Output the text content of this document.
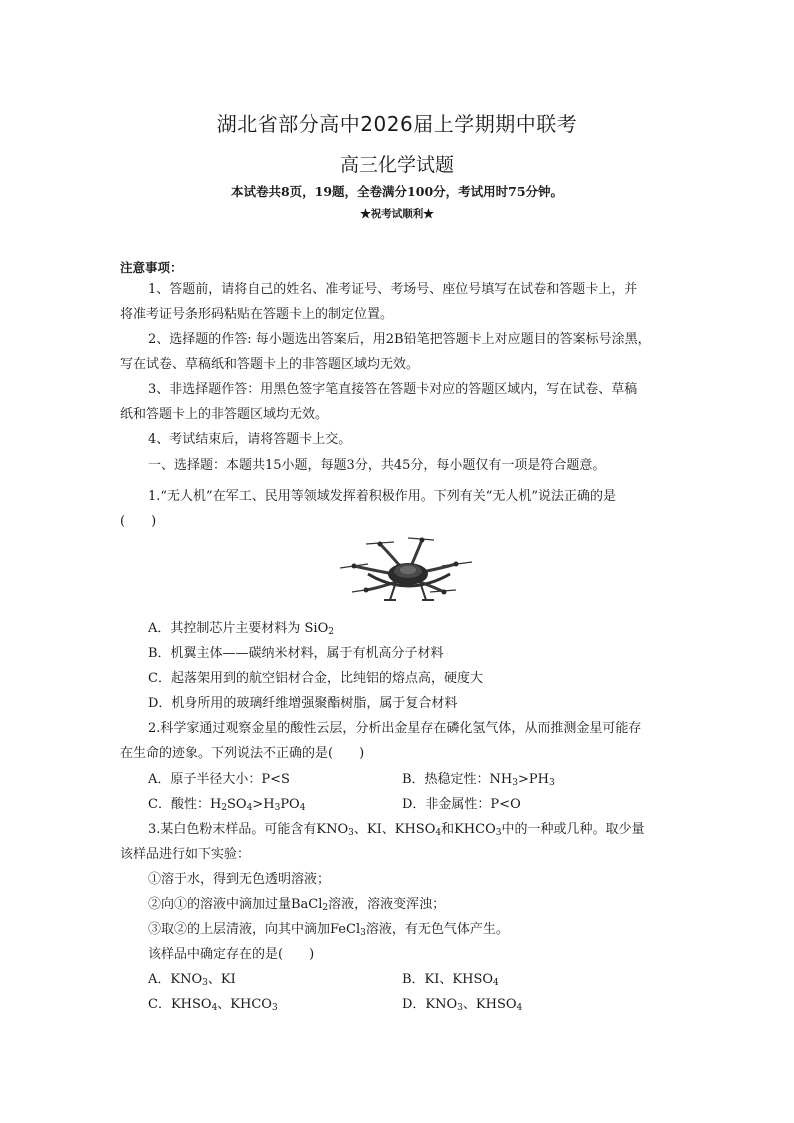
湖北省部分高中2026届上学期期中联考
高三化学试题
本试卷共8页，19题，全卷满分100分，考试用时75分钟。
★祝考试顺利★
注意事项：
1、答题前，请将自己的姓名、准考证号、考场号、座位号填写在试卷和答题卡上，并
将准考证号条形码粘贴在答题卡上的制定位置。
2、选择题的作答: 每小题选出答案后，用2B铅笔把答题卡上对应题目的答案标号涂黑，
写在试卷、草稿纸和答题卡上的非答题区域均无效。
3、非选择题作答：用黑色签字笔直接答在答题卡对应的答题区域内，写在试卷、草稿
纸和答题卡上的非答题区域均无效。
4、考试结束后，请将答题卡上交。
一、选择题：本题共15小题，每题3分，共45分，每小题仅有一项是符合题意。
1.“无人机”在军工、民用等领域发挥着积极作用。下列有关“无人机”说法正确的是
(　　)
A．其控制芯片主要材料为 SiO$_2$
B．机翼主体——碳纳米材料，属于有机高分子材料
C．起落架用到的航空铝材合金，比纯铝的熔点高，硬度大
D．机身所用的玻璃纤维增强聚酯树脂，属于复合材料
2.科学家通过观察金星的酸性云层，分析出金星存在磷化氢气体，从而推测金星可能存
在生命的迹象。下列说法不正确的是(　　)
A．原子半径大小：P<S	B．热稳定性：$NH_3>PH_3$
C．酸性：$H_2SO_4>H_3PO_4$	D．非金属性：P<O
3.某白色粉末样品。可能含有$KNO_3$、KI、$KHSO_4$和$KHCO_3$中的一种或几种。取少量
该样品进行如下实验：
①溶于水，得到无色透明溶液；
②向①的溶液中滴加过量BaCl$_2$溶液，溶液变浑浊；
③取②的上层清液，向其中滴加FeCl$_3$溶液，有无色气体产生。
该样品中确定存在的是(　　)
A．$KNO_3$、KI	B．KI、$KHSO_4$
C．$KHSO_4$、$KHCO_3$	D．$KNO_3$、$KHSO_4$
